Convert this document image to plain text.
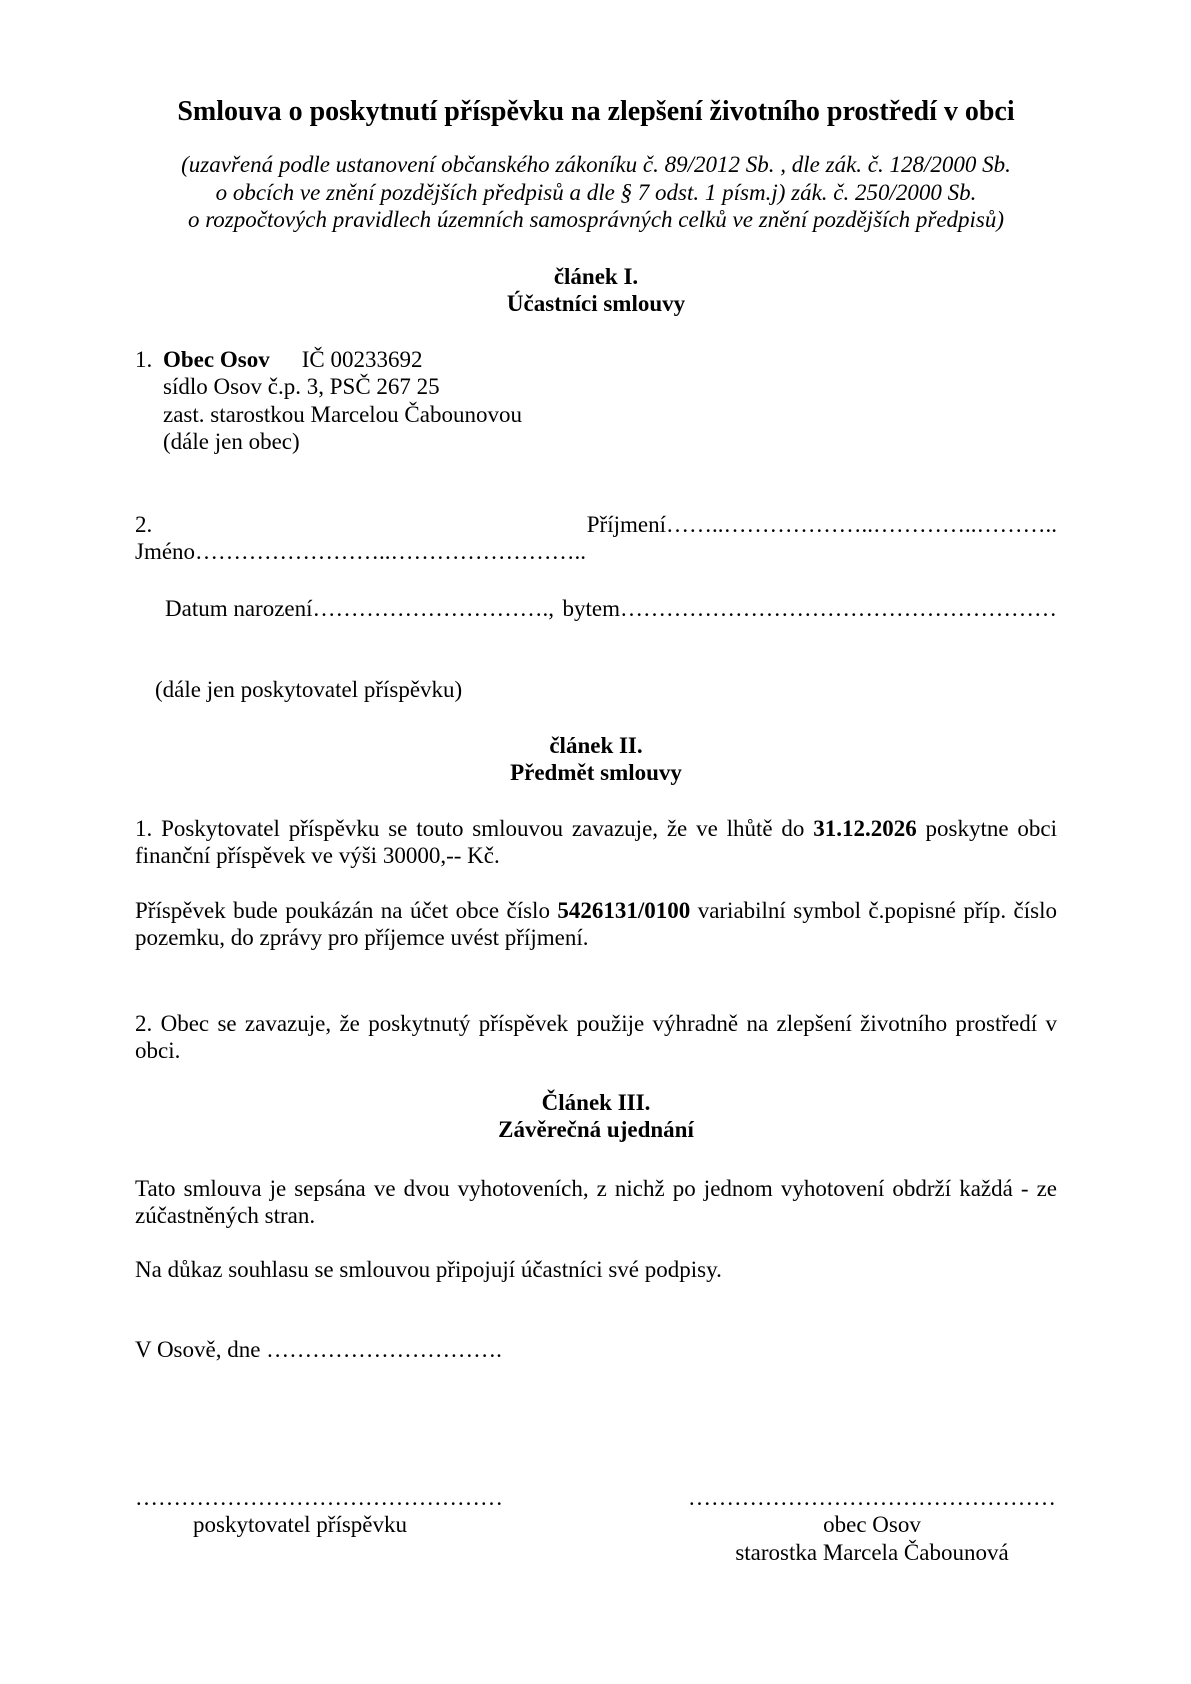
Smlouva o poskytnutí příspěvku na zlepšení životního prostředí v obci
(uzavřená podle ustanovení občanského zákoníku č. 89/2012 Sb. , dle zák. č. 128/2000 Sb.
o obcích ve znění pozdějších předpisů a dle § 7 odst. 1 písm.j) zák. č. 250/2000 Sb.
o rozpočtových pravidlech územních samosprávných celků ve znění pozdějších předpisů)
článek I.
Účastníci smlouvy
1. Obec Osov IČ 00233692
sídlo Osov č.p. 3, PSČ 267 25
zast. starostkou Marcelou Čabounovou
(dále jen obec)
2.Jméno……………………..……………………..
Příjmení……..………………..…………..………..
Datum narození…………………………., bytem…………………………………………………
(dále jen poskytovatel příspěvku)
článek II.
Předmět smlouvy
1. Poskytovatel příspěvku se touto smlouvou zavazuje, že ve lhůtě do 31.12.2026 poskytne obci finanční příspěvek ve výši 30000,-- Kč.
Příspěvek bude poukázán na účet obce číslo 5426131/0100 variabilní symbol č.popisné příp. číslo pozemku, do zprávy pro příjemce uvést příjmení.
2. Obec se zavazuje, že poskytnutý příspěvek použije výhradně na zlepšení životního prostředí v obci.
Článek III.
Závěrečná ujednání
Tato smlouva je sepsána ve dvou vyhotoveních, z nichž po jednom vyhotovení obdrží každá - ze zúčastněných stran.
Na důkaz souhlasu se smlouvou připojují účastníci své podpisy.
V Osově, dne ………………………….
…………………………………………
poskytovatel příspěvku
…………………………………………
obec Osov
starostka Marcela Čabounová
